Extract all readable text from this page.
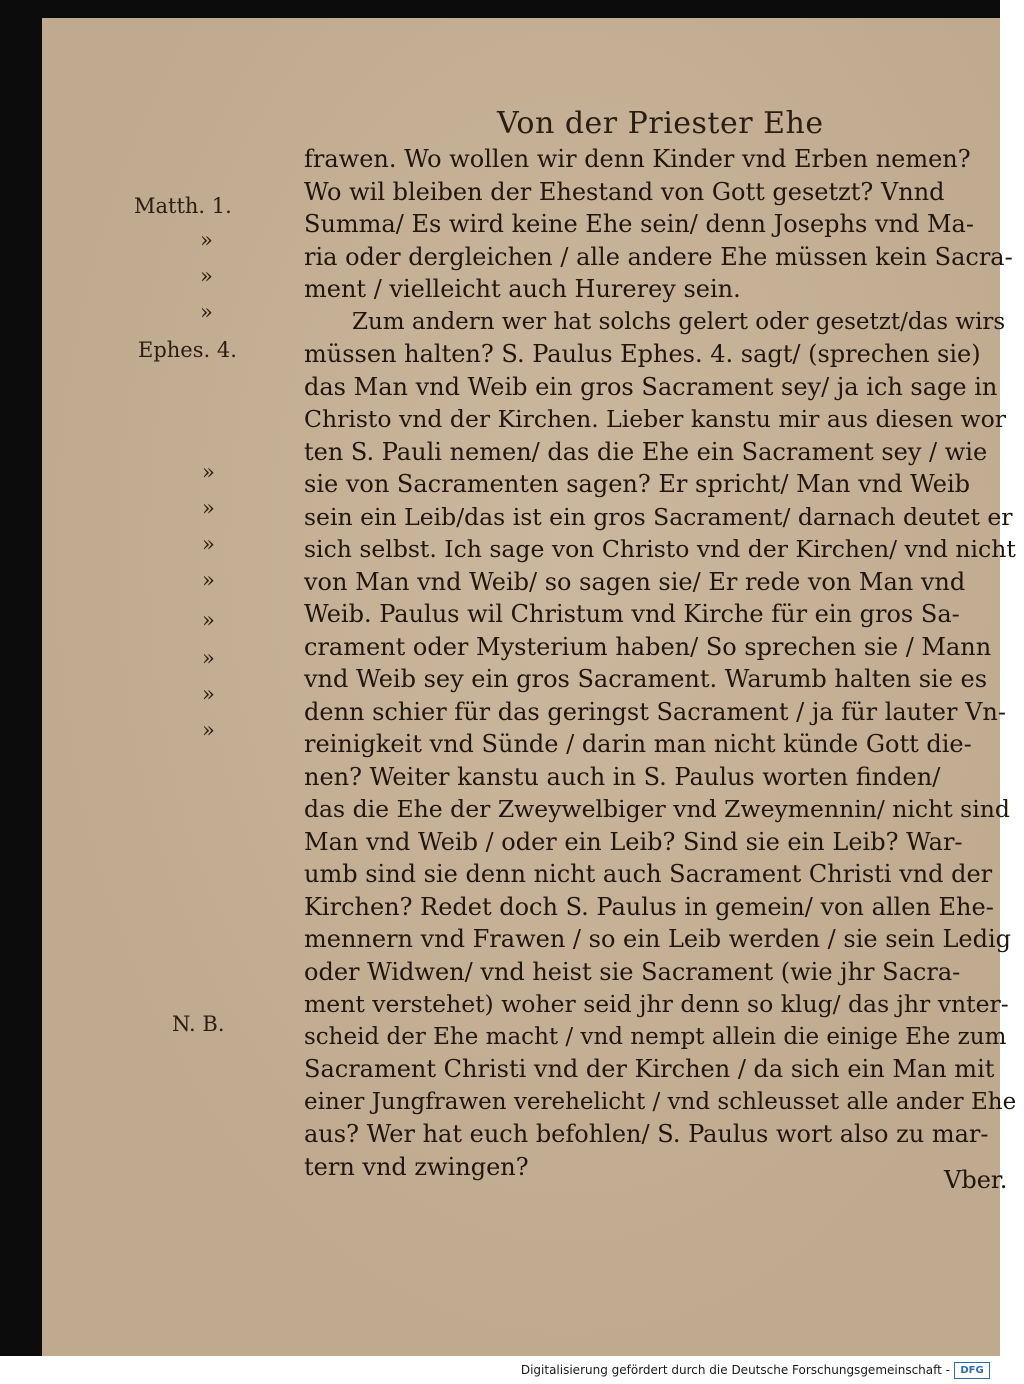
Von der Priester Ehe
Matth. 1.
»
»
»
Ephes. 4.
»
»
»
»
»
»
»
»
N. B.
frawen. Wo wollen wir denn Kinder vnd Erben nemen?
Wo wil bleiben der Ehestand von Gott gesetzt? Vnnd
Summa/ Es wird keine Ehe sein/ denn Josephs vnd Ma-
ria oder dergleichen / alle andere Ehe müssen kein Sacra-
ment / vielleicht auch Hurerey sein.
Zum andern wer hat solchs gelert oder gesetzt/das wirs
müssen halten? S. Paulus Ephes. 4. sagt/ (sprechen sie)
das Man vnd Weib ein gros Sacrament sey/ ja ich sage in
Christo vnd der Kirchen. Lieber kanstu mir aus diesen wor
ten S. Pauli nemen/ das die Ehe ein Sacrament sey / wie
sie von Sacramenten sagen? Er spricht/ Man vnd Weib
sein ein Leib/das ist ein gros Sacrament/ darnach deutet er
sich selbst. Ich sage von Christo vnd der Kirchen/ vnd nicht
von Man vnd Weib/ so sagen sie/ Er rede von Man vnd
Weib. Paulus wil Christum vnd Kirche für ein gros Sa-
crament oder Mysterium haben/ So sprechen sie / Mann
vnd Weib sey ein gros Sacrament. Warumb halten sie es
denn schier für das geringst Sacrament / ja für lauter Vn-
reinigkeit vnd Sünde / darin man nicht künde Gott die-
nen? Weiter kanstu auch in S. Paulus worten finden/
das die Ehe der Zweywelbiger vnd Zweymennin/ nicht sind
Man vnd Weib / oder ein Leib? Sind sie ein Leib? War-
umb sind sie denn nicht auch Sacrament Christi vnd der
Kirchen? Redet doch S. Paulus in gemein/ von allen Ehe-
mennern vnd Frawen / so ein Leib werden / sie sein Ledig
oder Widwen/ vnd heist sie Sacrament (wie jhr Sacra-
ment verstehet) woher seid jhr denn so klug/ das jhr vnter-
scheid der Ehe macht / vnd nempt allein die einige Ehe zum
Sacrament Christi vnd der Kirchen / da sich ein Man mit
einer Jungfrawen verehelicht / vnd schleusset alle ander Ehe
aus? Wer hat euch befohlen/ S. Paulus wort also zu mar-
tern vnd zwingen?	Vber.
Digitalisierung gefördert durch die Deutsche Forschungsgemeinschaft -	DFG
